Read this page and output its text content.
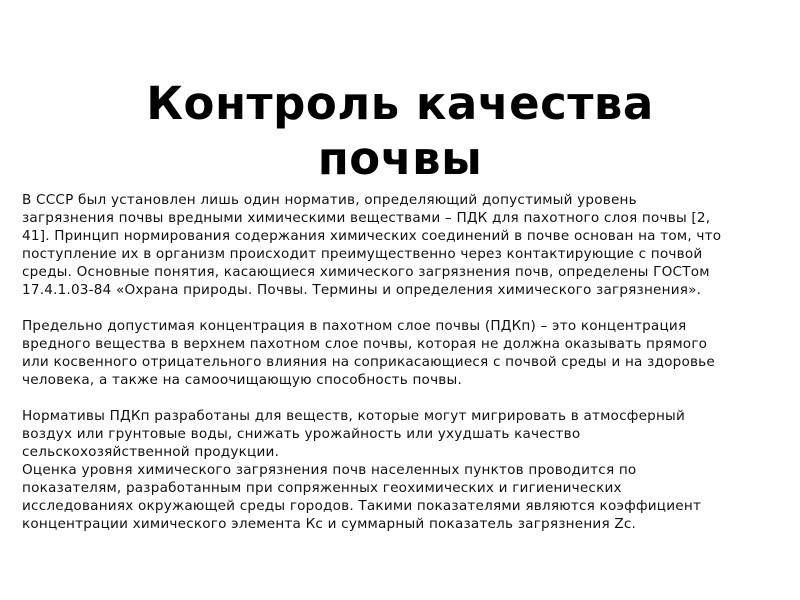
Контроль качества
почвы

В СССР был установлен лишь один норматив, определяющий допустимый уровень
загрязнения почвы вредными химическими веществами – ПДК для пахотного слоя почвы [2,
41]. Принцип нормирования содержания химических соединений в почве основан на том, что
поступление их в организм происходит преимущественно через контактирующие с почвой
среды. Основные понятия, касающиеся химического загрязнения почв, определены ГОСТом
17.4.1.03-84 «Охрана природы. Почвы. Термины и определения химического загрязнения».

Предельно допустимая концентрация в пахотном слое почвы (ПДКп) – это концентрация
вредного вещества в верхнем пахотном слое почвы, которая не должна оказывать прямого
или косвенного отрицательного влияния на соприкасающиеся с почвой среды и на здоровье
человека, а также на самоочищающую способность почвы.

Нормативы ПДКп разработаны для веществ, которые могут мигрировать в атмосферный
воздух или грунтовые воды, снижать урожайность или ухудшать качество
сельскохозяйственной продукции.

Оценка уровня химического загрязнения почв населенных пунктов проводится по
показателям, разработанным при сопряженных геохимических и гигиенических
исследованиях окружающей среды городов. Такими показателями являются коэффициент
концентрации химического элемента Кс и суммарный показатель загрязнения Zc.
